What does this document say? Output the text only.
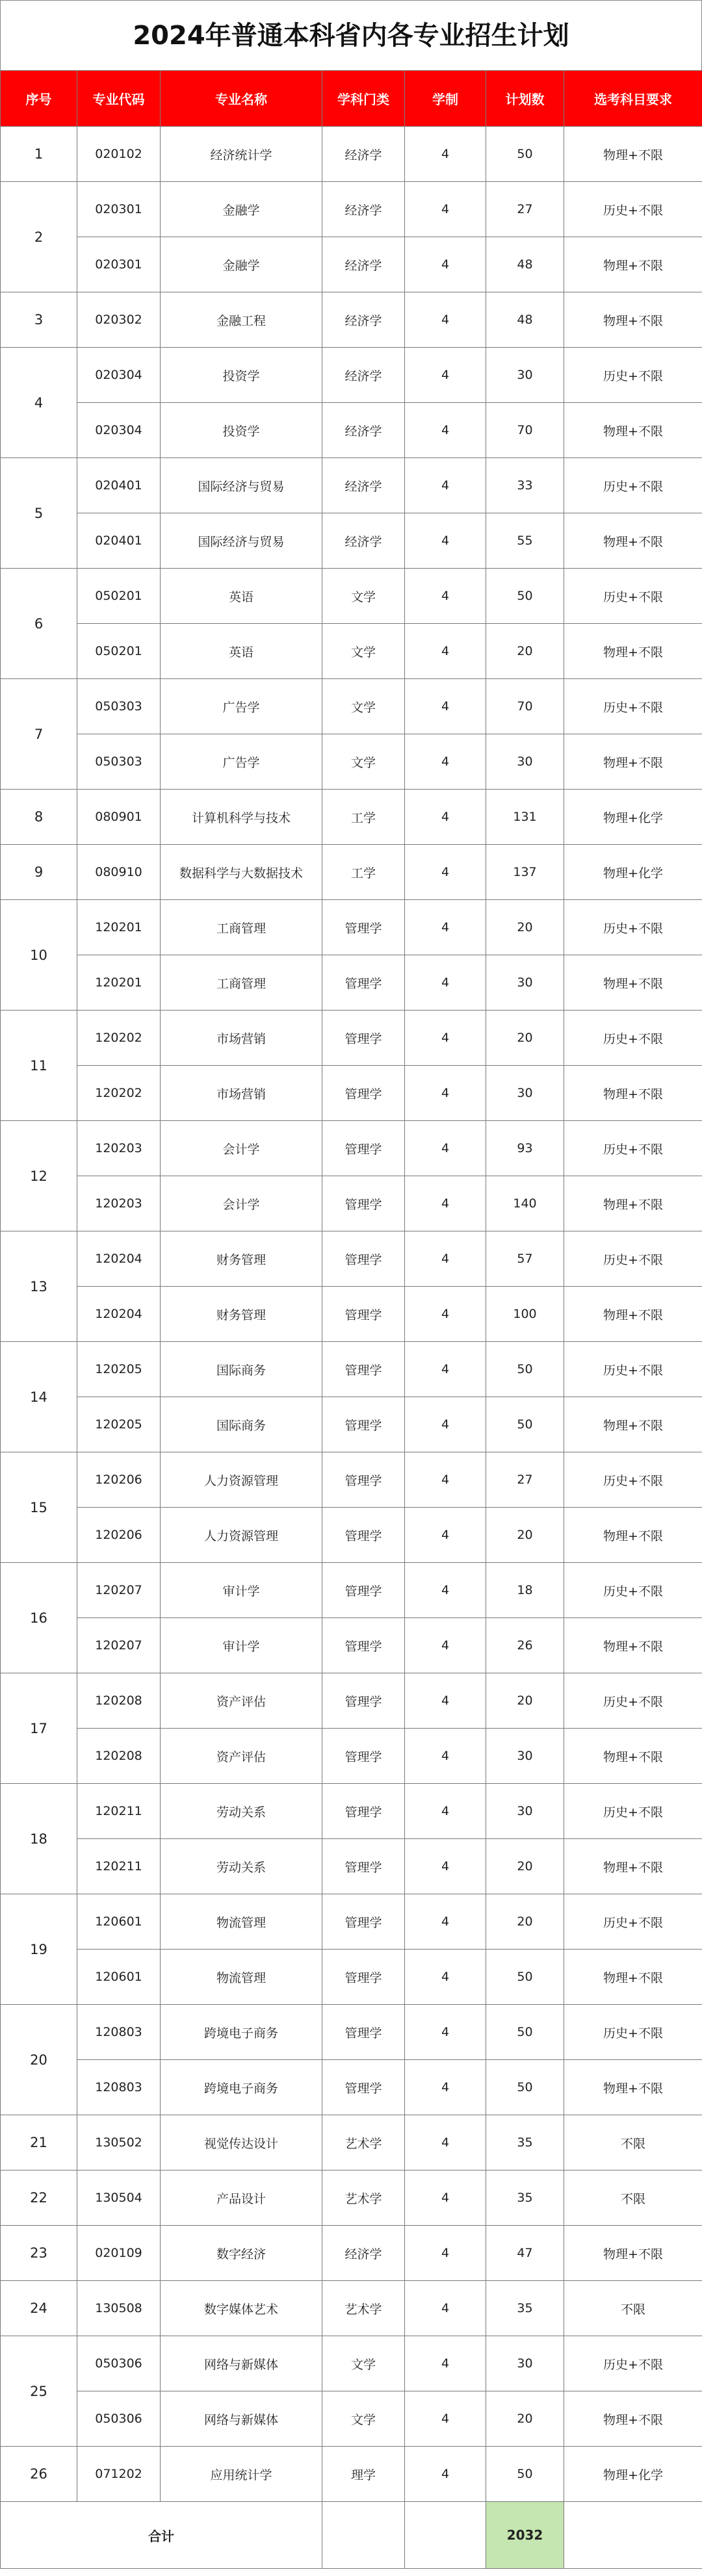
2024年普通本科省内各专业招生计划
序号	专业代码	专业名称	学科门类	学制	计划数	选考科目要求
1	020102	经济统计学	经济学	4	50	物理+不限
2	020301	金融学	经济学	4	27	历史+不限
	020301	金融学	经济学	4	48	物理+不限
3	020302	金融工程	经济学	4	48	物理+不限
4	020304	投资学	经济学	4	30	历史+不限
	020304	投资学	经济学	4	70	物理+不限
5	020401	国际经济与贸易	经济学	4	33	历史+不限
	020401	国际经济与贸易	经济学	4	55	物理+不限
6	050201	英语	文学	4	50	历史+不限
	050201	英语	文学	4	20	物理+不限
7	050303	广告学	文学	4	70	历史+不限
	050303	广告学	文学	4	30	物理+不限
8	080901	计算机科学与技术	工学	4	131	物理+化学
9	080910	数据科学与大数据技术	工学	4	137	物理+化学
10	120201	工商管理	管理学	4	20	历史+不限
	120201	工商管理	管理学	4	30	物理+不限
11	120202	市场营销	管理学	4	20	历史+不限
	120202	市场营销	管理学	4	30	物理+不限
12	120203	会计学	管理学	4	93	历史+不限
	120203	会计学	管理学	4	140	物理+不限
13	120204	财务管理	管理学	4	57	历史+不限
	120204	财务管理	管理学	4	100	物理+不限
14	120205	国际商务	管理学	4	50	历史+不限
	120205	国际商务	管理学	4	50	物理+不限
15	120206	人力资源管理	管理学	4	27	历史+不限
	120206	人力资源管理	管理学	4	20	物理+不限
16	120207	审计学	管理学	4	18	历史+不限
	120207	审计学	管理学	4	26	物理+不限
17	120208	资产评估	管理学	4	20	历史+不限
	120208	资产评估	管理学	4	30	物理+不限
18	120211	劳动关系	管理学	4	30	历史+不限
	120211	劳动关系	管理学	4	20	物理+不限
19	120601	物流管理	管理学	4	20	历史+不限
	120601	物流管理	管理学	4	50	物理+不限
20	120803	跨境电子商务	管理学	4	50	历史+不限
	120803	跨境电子商务	管理学	4	50	物理+不限
21	130502	视觉传达设计	艺术学	4	35	不限
22	130504	产品设计	艺术学	4	35	不限
23	020109	数字经济	经济学	4	47	物理+不限
24	130508	数字媒体艺术	艺术学	4	35	不限
25	050306	网络与新媒体	文学	4	30	历史+不限
	050306	网络与新媒体	文学	4	20	物理+不限
26	071202	应用统计学	理学	4	50	物理+化学
合计					2032	
